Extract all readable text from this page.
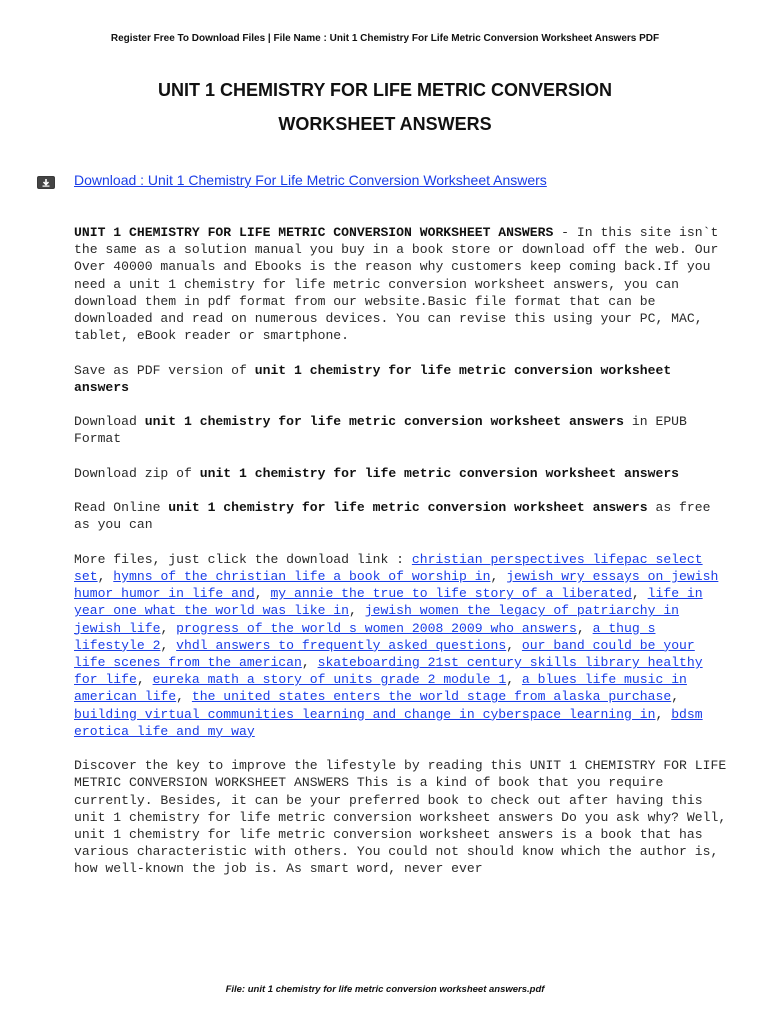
Register Free To Download Files | File Name : Unit 1 Chemistry For Life Metric Conversion Worksheet Answers PDF
UNIT 1 CHEMISTRY FOR LIFE METRIC CONVERSION
WORKSHEET ANSWERS
Download : Unit 1 Chemistry For Life Metric Conversion Worksheet Answers

UNIT 1 CHEMISTRY FOR LIFE METRIC CONVERSION WORKSHEET ANSWERS - In this site isn`t the same as a solution manual you buy in a book store or download off the web. Our Over 40000 manuals and Ebooks is the reason why customers keep coming back.If you need a unit 1 chemistry for life metric conversion worksheet answers, you can download them in pdf format from our website.Basic file format that can be downloaded and read on numerous devices. You can revise this using your PC, MAC, tablet, eBook reader or smartphone.

Save as PDF version of unit 1 chemistry for life metric conversion worksheet answers

Download unit 1 chemistry for life metric conversion worksheet answers in EPUB Format

Download zip of unit 1 chemistry for life metric conversion worksheet answers

Read Online unit 1 chemistry for life metric conversion worksheet answers as free as you can

More files, just click the download link : christian perspectives lifepac select set, hymns of the christian life a book of worship in, jewish wry essays on jewish humor humor in life and, my annie the true to life story of a liberated, life in year one what the world was like in, jewish women the legacy of patriarchy in jewish life, progress of the world s women 2008 2009 who answers, a thug s lifestyle 2, vhdl answers to frequently asked questions, our band could be your life scenes from the american, skateboarding 21st century skills library healthy for life, eureka math a story of units grade 2 module 1, a blues life music in american life, the united states enters the world stage from alaska purchase, building virtual communities learning and change in cyberspace learning in, bdsm erotica life and my way

Discover the key to improve the lifestyle by reading this UNIT 1 CHEMISTRY FOR LIFE METRIC CONVERSION WORKSHEET ANSWERS This is a kind of book that you require currently. Besides, it can be your preferred book to check out after having this unit 1 chemistry for life metric conversion worksheet answers Do you ask why? Well, unit 1 chemistry for life metric conversion worksheet answers is a book that has various characteristic with others. You could not should know which the author is, how well-known the job is. As smart word, never ever

File: unit 1 chemistry for life metric conversion worksheet answers.pdf
